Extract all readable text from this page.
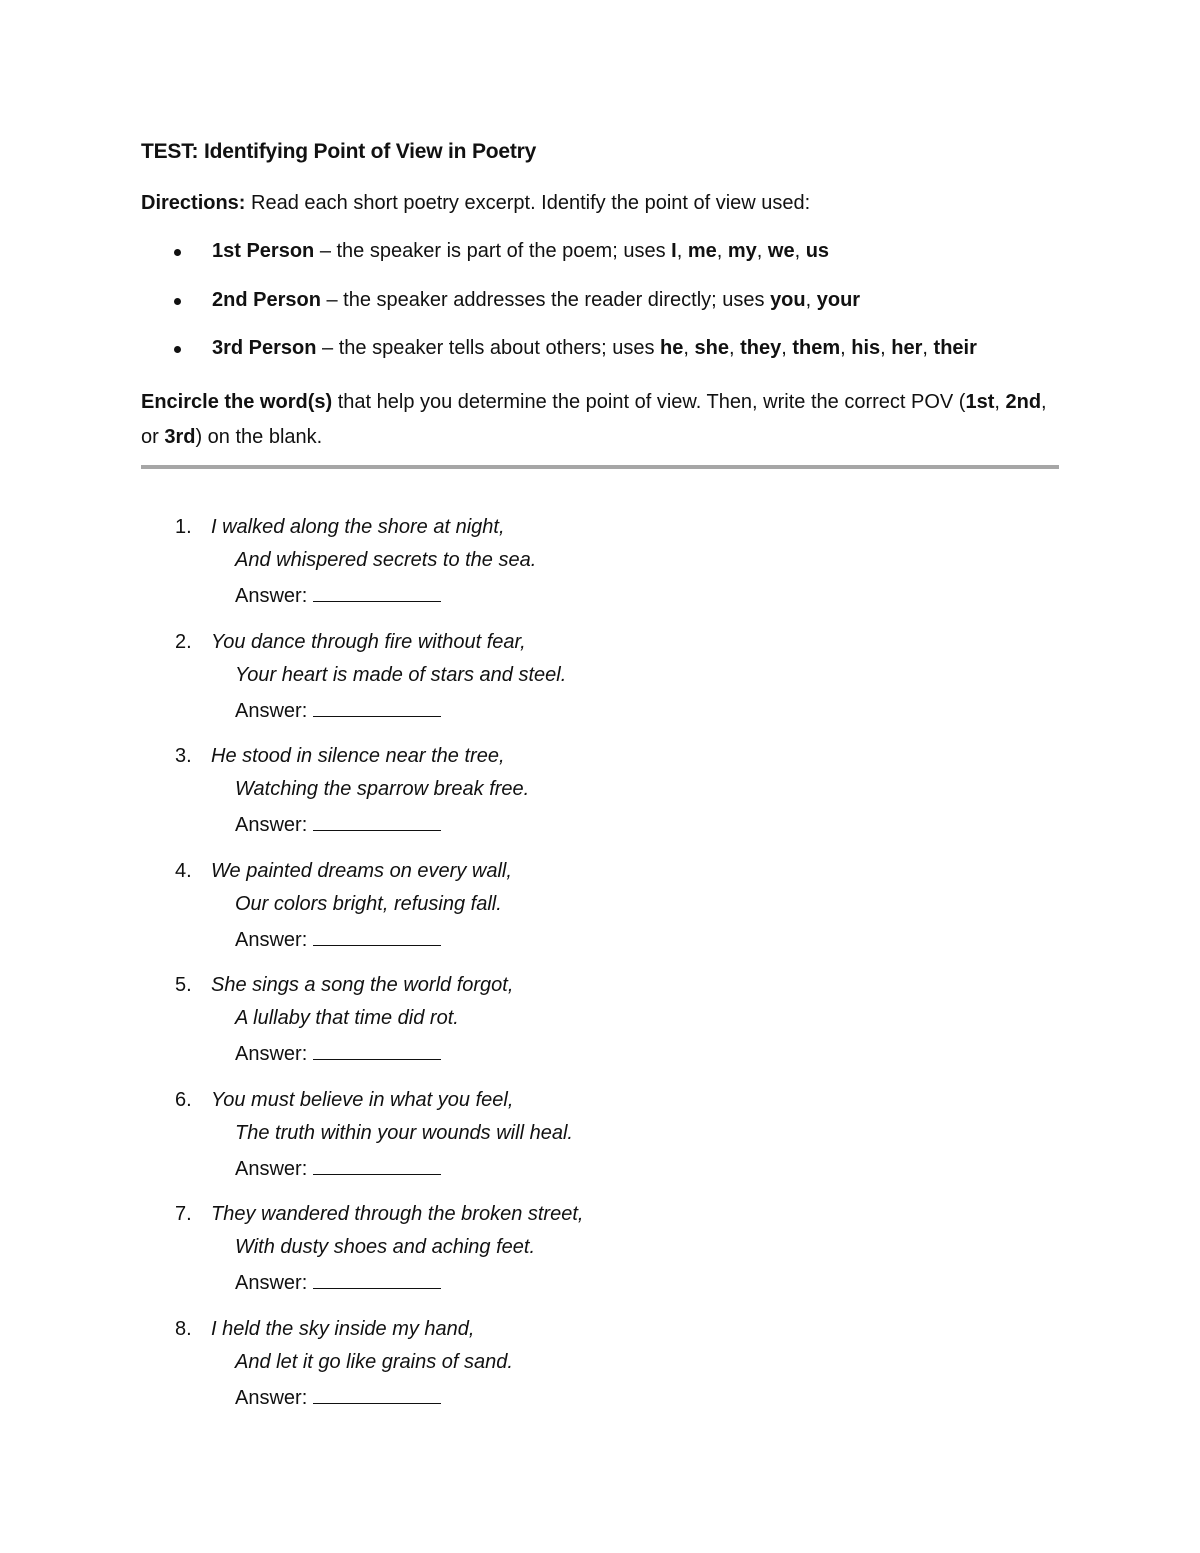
TEST: Identifying Point of View in Poetry
Directions: Read each short poetry excerpt. Identify the point of view used:
1st Person – the speaker is part of the poem; uses I, me, my, we, us
2nd Person – the speaker addresses the reader directly; uses you, your
3rd Person – the speaker tells about others; uses he, she, they, them, his, her, their
Encircle the word(s) that help you determine the point of view. Then, write the correct POV (1st, 2nd, or 3rd) on the blank.
1. I walked along the shore at night,
And whispered secrets to the sea.
Answer:
2. You dance through fire without fear,
Your heart is made of stars and steel.
Answer:
3. He stood in silence near the tree,
Watching the sparrow break free.
Answer:
4. We painted dreams on every wall,
Our colors bright, refusing fall.
Answer:
5. She sings a song the world forgot,
A lullaby that time did rot.
Answer:
6. You must believe in what you feel,
The truth within your wounds will heal.
Answer:
7. They wandered through the broken street,
With dusty shoes and aching feet.
Answer:
8. I held the sky inside my hand,
And let it go like grains of sand.
Answer:
